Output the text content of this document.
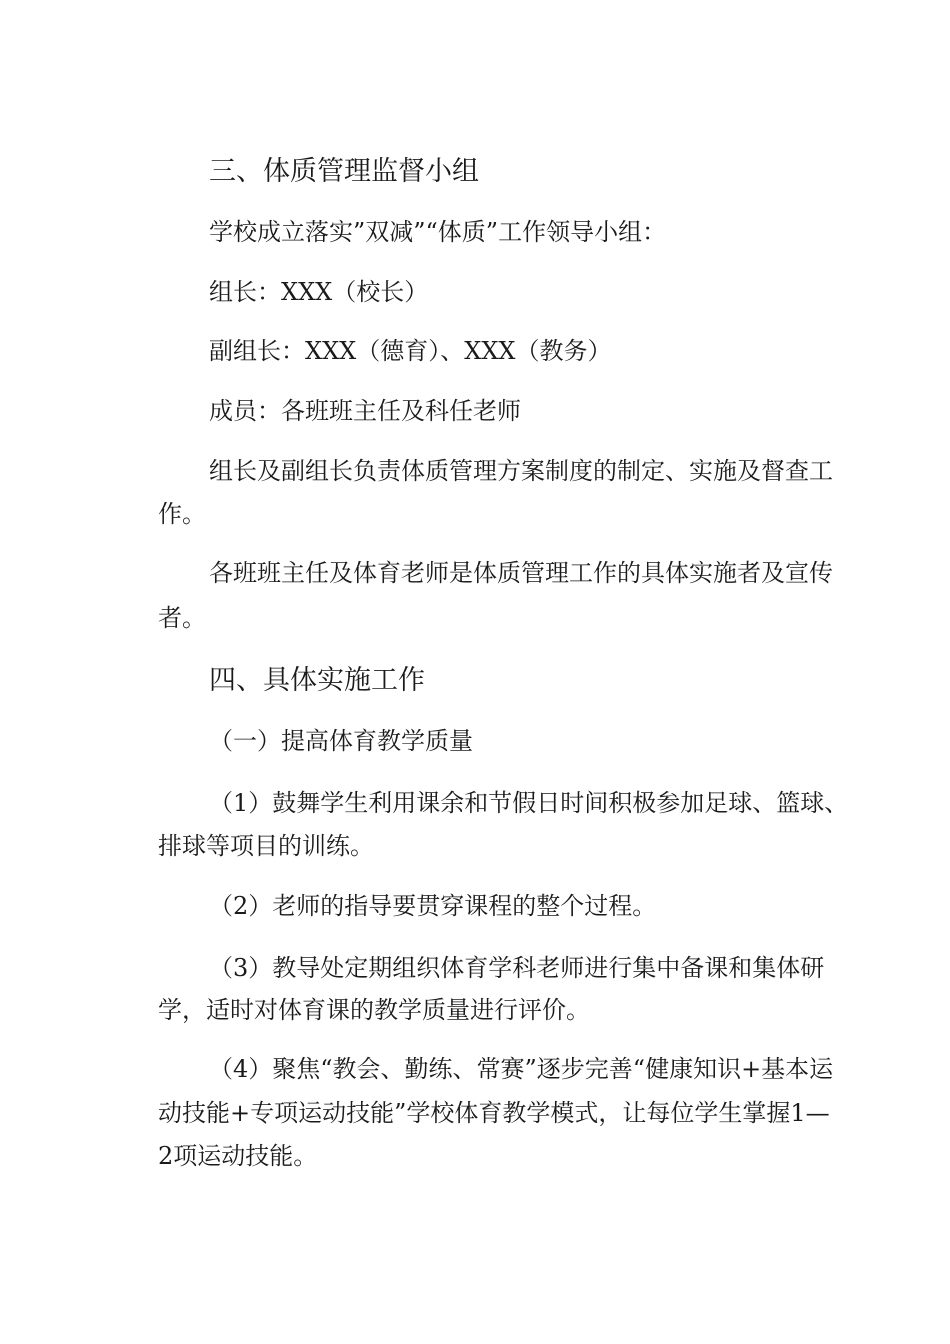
三、体质管理监督小组
学校成立落实”双减”“体质”工作领导小组：
组长：XXX（校长）
副组长：XXX（德育）、XXX（教务）
成员：各班班主任及科任老师
组长及副组长负责体质管理方案制度的制定、实施及督查工
作。
各班班主任及体育老师是体质管理工作的具体实施者及宣传
者。
四、具体实施工作
（一）提高体育教学质量
（1）鼓舞学生利用课余和节假日时间积极参加足球、篮球、
排球等项目的训练。
（2）老师的指导要贯穿课程的整个过程。
（3）教导处定期组织体育学科老师进行集中备课和集体研
学，适时对体育课的教学质量进行评价。
（4）聚焦“教会、勤练、常赛”逐步完善“健康知识+基本运
动技能+专项运动技能”学校体育教学模式，让每位学生掌握1—
2项运动技能。
